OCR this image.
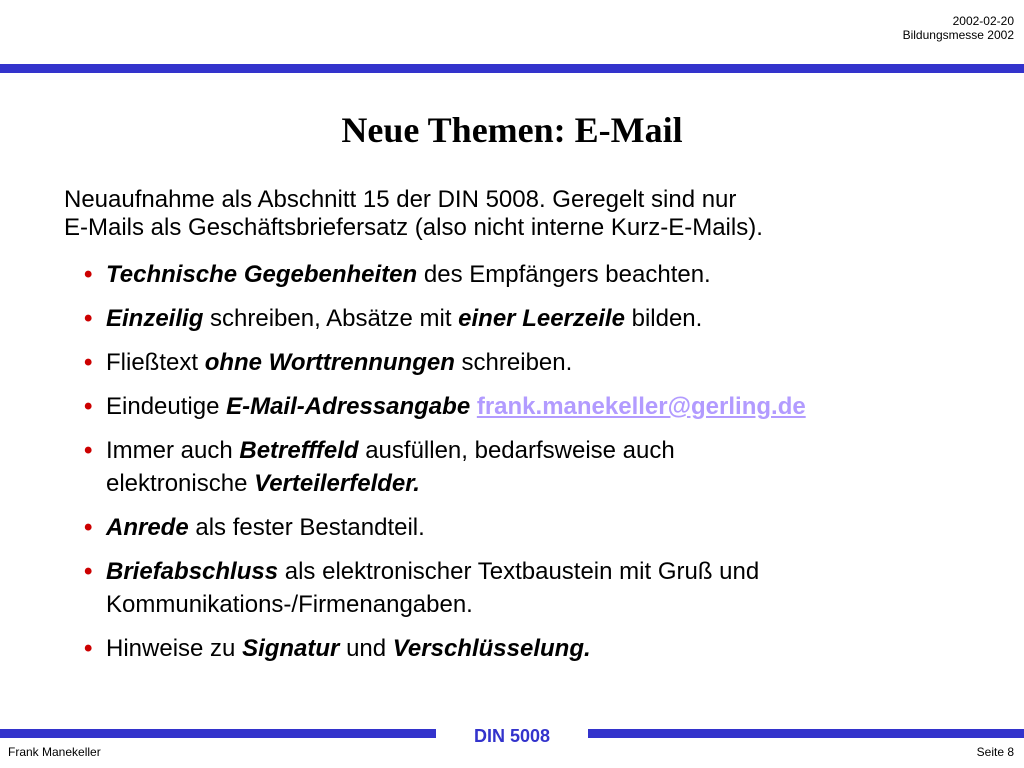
2002-02-20
Bildungsmesse 2002
Neue Themen: E-Mail
Neuaufnahme als Abschnitt 15 der DIN 5008. Geregelt sind nur
E-Mails als Geschäftsbriefersatz (also nicht interne Kurz-E-Mails).
• Technische Gegebenheiten des Empfängers beachten.
• Einzeilig schreiben, Absätze mit einer Leerzeile bilden.
• Fließtext ohne Worttrennungen schreiben.
• Eindeutige E-Mail-Adressangabe frank.manekeller@gerling.de
• Immer auch Betrefffeld ausfüllen, bedarfsweise auch
elektronische Verteilerfelder.
• Anrede als fester Bestandteil.
• Briefabschluss als elektronischer Textbaustein mit Gruß und
Kommunikations-/Firmenangaben.
• Hinweise zu Signatur und Verschlüsselung.
DIN 5008
Frank Manekeller	Seite 8
